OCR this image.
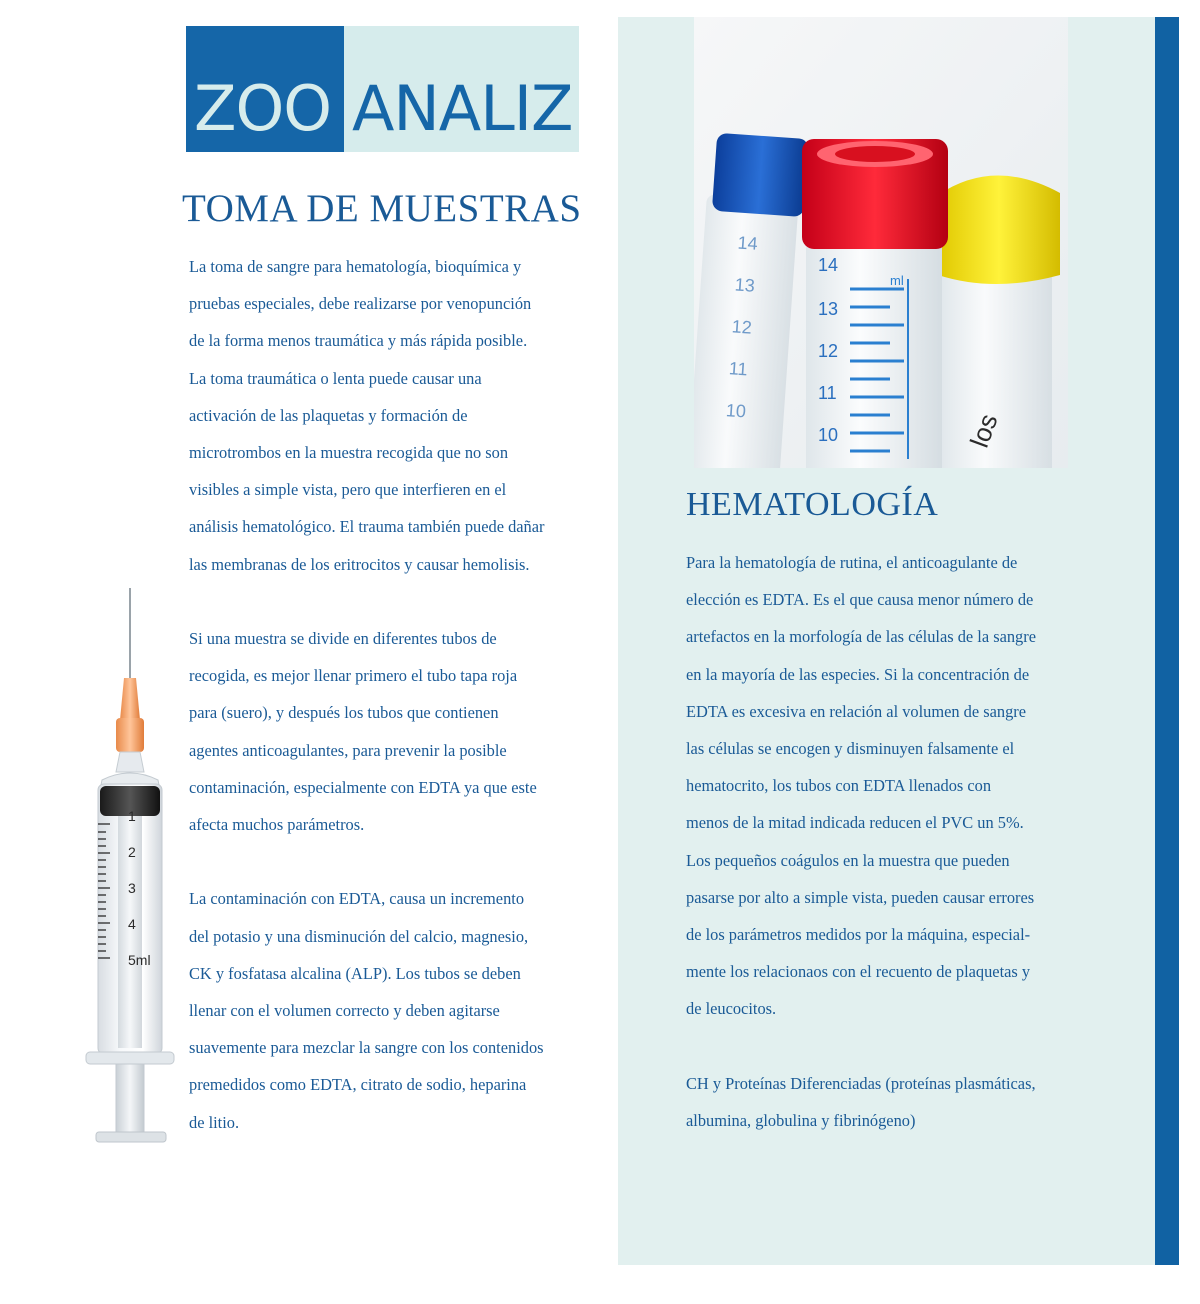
ZOO ANALIZ
TOMA DE MUESTRAS
La toma de sangre para hematología, bioquímica y
pruebas especiales, debe realizarse por venopunción
de la forma menos traumática y más rápida posible.
La toma traumática o lenta puede causar una
activación de las plaquetas y formación de
microtrombos en la muestra recogida que no son
visibles a simple vista, pero que interfieren en el
análisis hematológico. El trauma también puede dañar
las membranas de los eritrocitos y causar hemolisis.
Si una muestra se divide en diferentes tubos de
recogida, es mejor llenar primero el tubo tapa roja
para (suero), y después los tubos que contienen
agentes anticoagulantes, para prevenir la posible
contaminación, especialmente con EDTA ya que este
afecta muchos parámetros.
La contaminación con EDTA, causa un incremento
del potasio y una disminución del calcio, magnesio,
CK y fosfatasa alcalina (ALP). Los tubos se deben
llenar con el volumen correcto y deben agitarse
suavemente para mezclar la sangre con los contenidos
premedidos como EDTA, citrato de sodio, heparina
de litio.
1
2
3
4
5ml
14
13
12
11
10	los
ml
14
13
12
11
10
HEMATOLOGÍA
Para la hematología de rutina, el anticoagulante de
elección es EDTA. Es el que causa menor número de
artefactos en la morfología de las células de la sangre
en la mayoría de las especies. Si la concentración de
EDTA es excesiva en relación al volumen de sangre
las células se encogen y disminuyen falsamente el
hematocrito, los tubos con EDTA llenados con
menos de la mitad indicada reducen el PVC un 5%.
Los pequeños coágulos en la muestra que pueden
pasarse por alto a simple vista, pueden causar errores
de los parámetros medidos por la máquina, especial-
mente los relacionaos con el recuento de plaquetas y
de leucocitos.
CH y Proteínas Diferenciadas (proteínas plasmáticas,
albumina, globulina y fibrinógeno)
